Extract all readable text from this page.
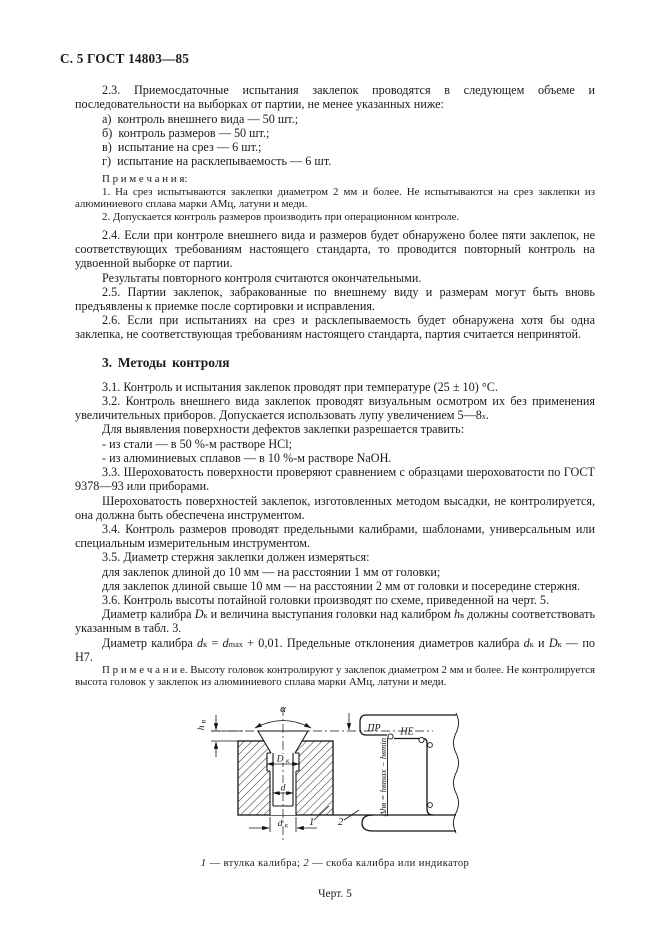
С. 5 ГОСТ 14803—85

2.3. Приемосдаточные испытания заклепок проводятся в следующем объеме и последовательности на выборках от партии, не менее указанных ниже:

а)  контроль внешнего вида — 50 шт.;

б)  контроль размеров — 50 шт.;

в)  испытание на срез — 6 шт.;

г)  испытание на расклепываемость — 6 шт.

П р и м е ч а н и я:

1. На срез испытываются заклепки диаметром 2 мм и более. Не испытываются на срез заклепки из алюминиевого сплава марки АМц, латуни и меди.

2. Допускается контроль размеров производить при операционном контроле.

2.4. Если при контроле внешнего вида и размеров будет обнаружено более пяти заклепок, не соответствующих требованиям настоящего стандарта, то проводится повторный контроль на удвоенной выборке от партии.

Результаты повторного контроля считаются окончательными.

2.5. Партии заклепок, забракованные по внешнему виду и размерам могут быть вновь предъявлены к приемке после сортировки и исправления.

2.6. Если при испытаниях на срез и расклепываемость будет обнаружена хотя бы одна заклепка, не соответствующая требованиям настоящего стандарта, партия считается непринятой.

3. Методы контроля

3.1. Контроль и испытания заклепок проводят при температуре (25 ± 10) °С.

3.2. Контроль внешнего вида заклепок проводят визуальным осмотром их без применения увеличительных приборов. Допускается использовать лупу увеличением $5—8^х$.

Для выявления поверхности дефектов заклепки разрешается травить:

- из стали — в 50 %-м растворе HCl;

- из алюминиевых сплавов — в 10 %-м растворе NaOH.

3.3. Шероховатость поверхности проверяют сравнением с образцами шероховатости по ГОСТ 9378—93 или приборами.

Шероховатость поверхностей заклепок, изготовленных методом высадки, не контролируется, она должна быть обеспечена инструментом.

3.4. Контроль размеров проводят предельными калибрами, шаблонами, универсальным или специальным измерительным инструментом.

3.5. Диаметр стержня заклепки должен измеряться:

для заклепок длиной до 10 мм — на расстоянии 1 мм от головки;

для заклепок длиной свыше 10 мм — на расстоянии 2 мм от головки и посередине стержня.

3.6. Контроль высоты потайной головки производят по схеме, приведенной на черт. 5.

Диаметр калибра $D_к$ и величина выступания головки над калибром $h_в$ должны соответствовать указанным в табл. 3.

Диаметр калибра $d_к = d_{max} + 0,01$. Предельные отклонения диаметров калибра $d_к$ и $D_к$ — по Н7.

П р и м е ч а н и е. Высоту головок контролируют у заклепок диаметром 2 мм и более. Не контролируется высота головок у заклепок из алюминиевого сплава марки АМц, латуни и меди.

α
h в
D к
d
d к
Δhв = hвmax − hвmin
ПР НЕ
1 2
1 — втулка калибра; 2 — скоба калибра или индикатор
Черт. 5
